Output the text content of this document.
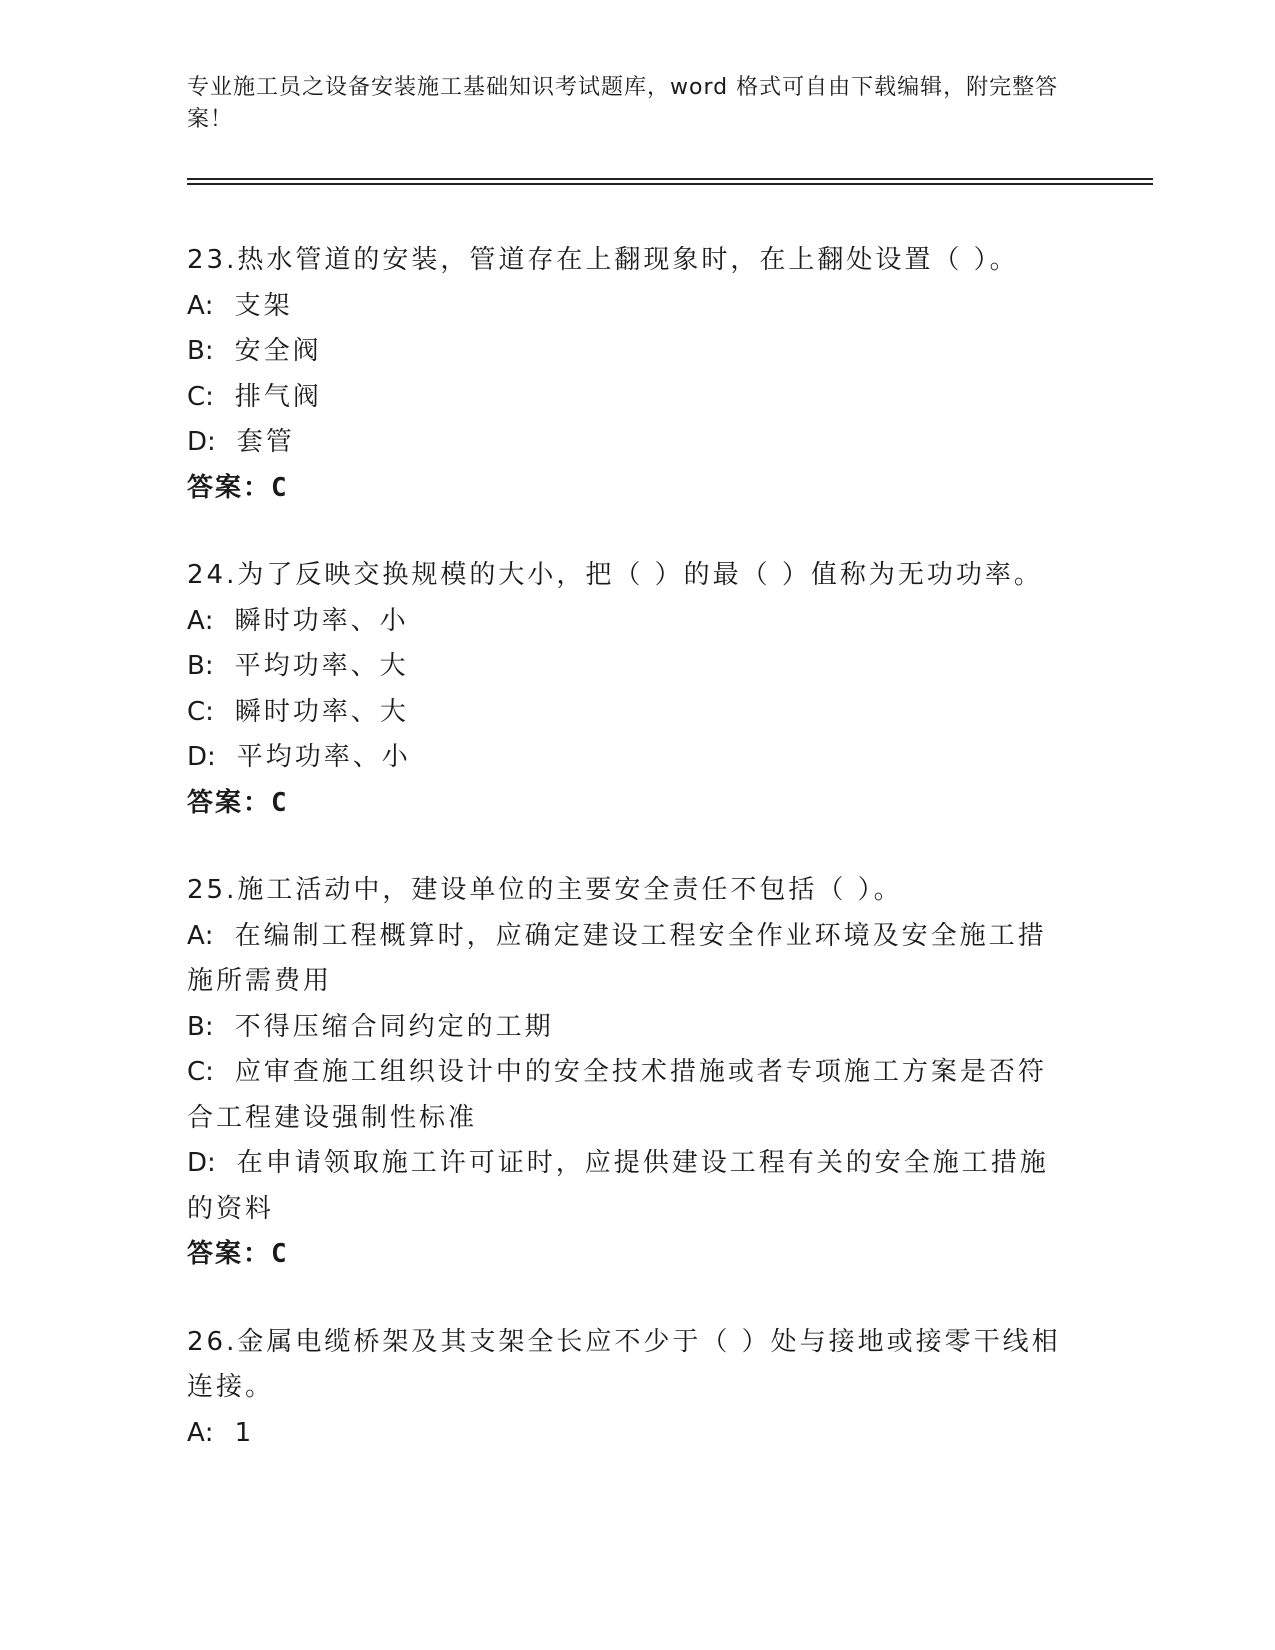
专业施工员之设备安装施工基础知识考试题库，word 格式可自由下载编辑，附完整答案！

23.热水管道的安装，管道存在上翻现象时，在上翻处设置（ ）。

A: 支架

B: 安全阀

C: 排气阀

D: 套管

答案：C

24.为了反映交换规模的大小，把（ ）的最（ ）值称为无功功率。

A: 瞬时功率、小

B: 平均功率、大

C: 瞬时功率、大

D: 平均功率、小

答案：C

25.施工活动中，建设单位的主要安全责任不包括（ ）。

A: 在编制工程概算时，应确定建设工程安全作业环境及安全施工措施所需费用

B: 不得压缩合同约定的工期

C: 应审查施工组织设计中的安全技术措施或者专项施工方案是否符合工程建设强制性标准

D: 在申请领取施工许可证时，应提供建设工程有关的安全施工措施的资料

答案：C

26.金属电缆桥架及其支架全长应不少于（ ）处与接地或接零干线相连接。

A: 1
